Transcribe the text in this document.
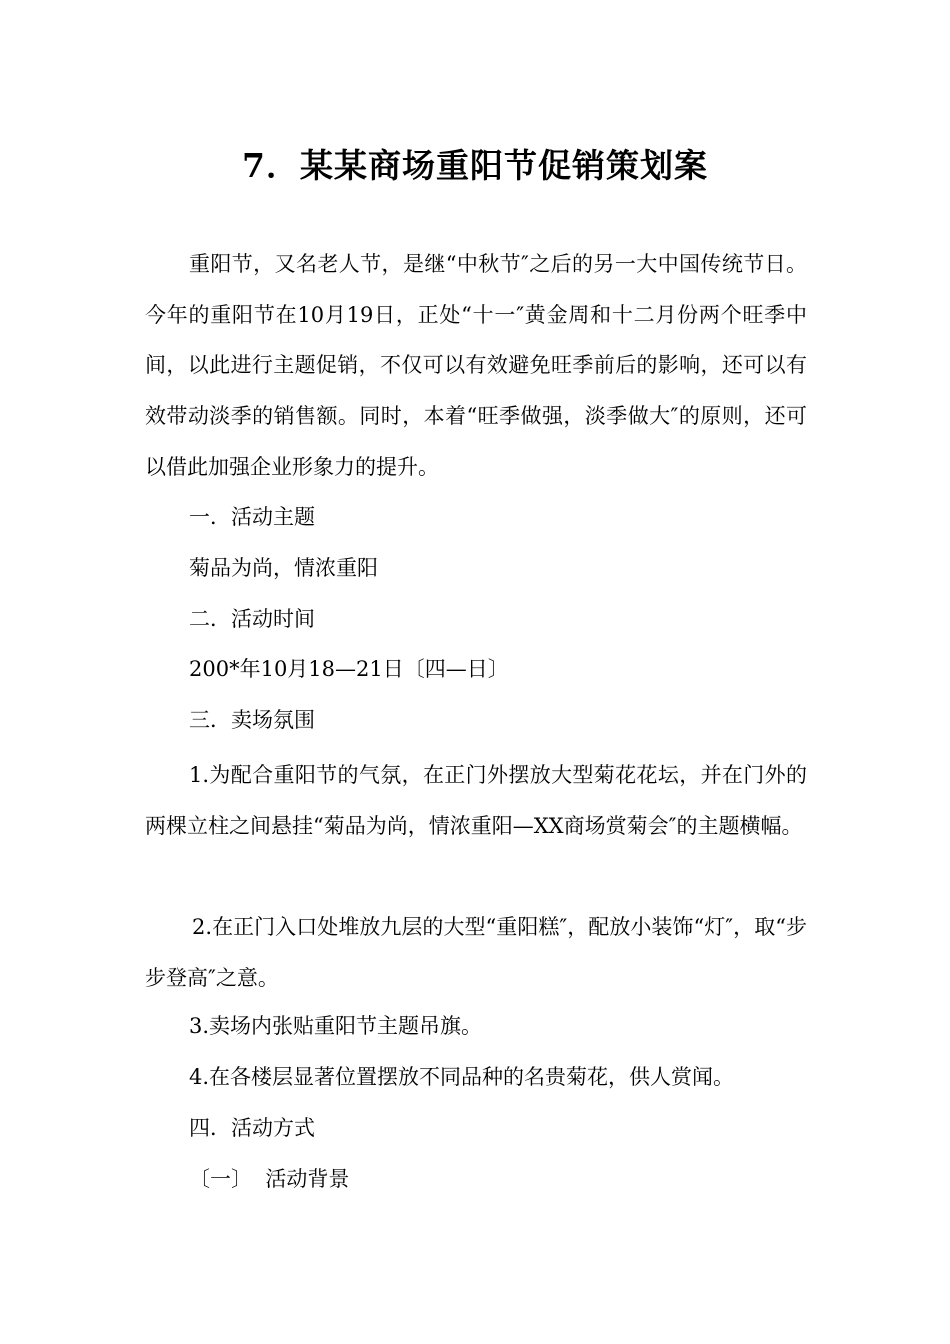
7．某某商场重阳节促销策划案
重阳节，又名老人节，是继“中秋节″之后的另一大中国传统节日。今年的重阳节在10月19日，正处“十一″黄金周和十二月份两个旺季中间，以此进行主题促销，不仅可以有效避免旺季前后的影响，还可以有效带动淡季的销售额。同时，本着“旺季做强，淡季做大″的原则，还可以借此加强企业形象力的提升。
一．活动主题
菊品为尚，情浓重阳
二．活动时间
200*年10月18—21日〔四—日〕
三．卖场氛围
1.为配合重阳节的气氛，在正门外摆放大型菊花花坛，并在门外的两棵立柱之间悬挂“菊品为尚，情浓重阳—XX商场赏菊会″的主题横幅。
2.在正门入口处堆放九层的大型“重阳糕″，配放小装饰“灯″，取“步步登高″之意。
3.卖场内张贴重阳节主题吊旗。
4.在各楼层显著位置摆放不同品种的名贵菊花，供人赏闻。
四．活动方式
〔一〕  活动背景
